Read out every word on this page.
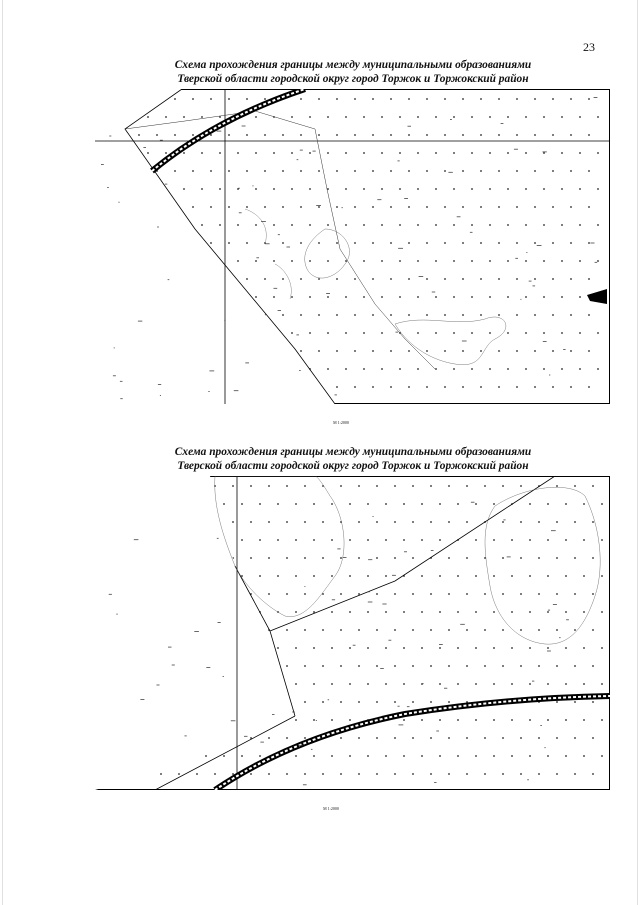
23
Схема прохождения границы между муниципальными образованиями
Тверской области городской округ город Торжок и Торжокский район
М 1:2000
Схема прохождения границы между муниципальными образованиями
Тверской области городской округ город Торжок и Торжокский район
М 1:2000
